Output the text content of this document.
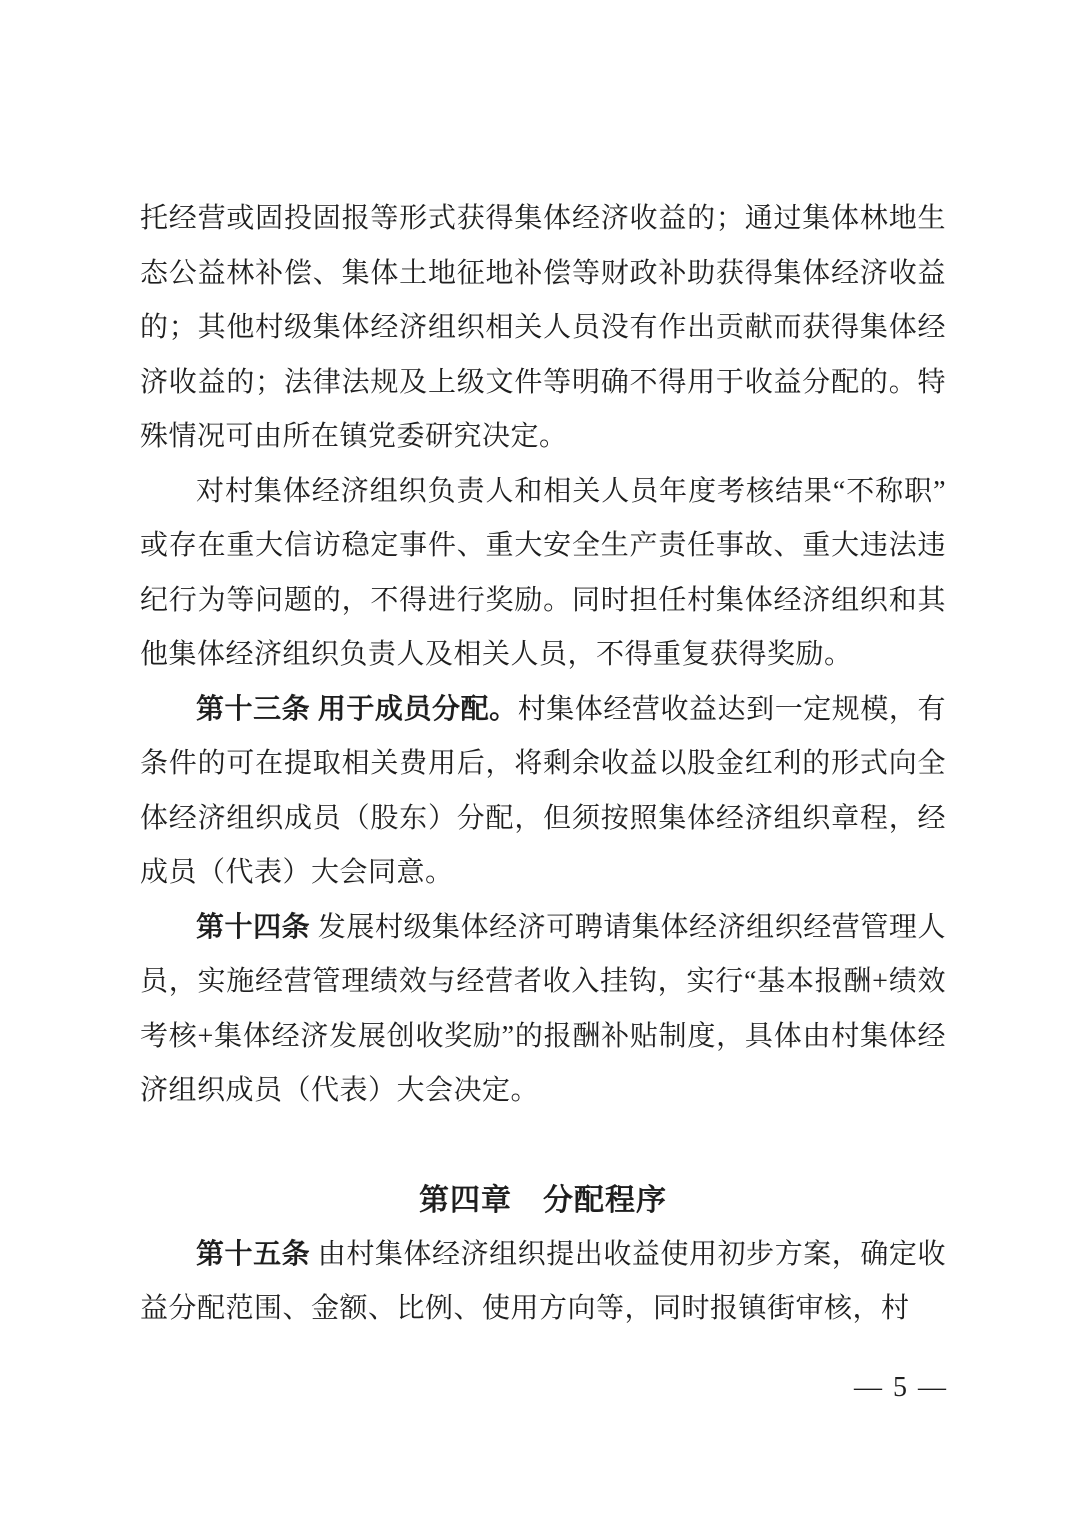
托经营或固投固报等形式获得集体经济收益的；通过集体林地生态公益林补偿、集体土地征地补偿等财政补助获得集体经济收益的；其他村级集体经济组织相关人员没有作出贡献而获得集体经济收益的；法律法规及上级文件等明确不得用于收益分配的。特殊情况可由所在镇党委研究决定。

对村集体经济组织负责人和相关人员年度考核结果“不称职”或存在重大信访稳定事件、重大安全生产责任事故、重大违法违纪行为等问题的，不得进行奖励。同时担任村集体经济组织和其他集体经济组织负责人及相关人员，不得重复获得奖励。

第十三条 用于成员分配。村集体经营收益达到一定规模，有条件的可在提取相关费用后，将剩余收益以股金红利的形式向全体经济组织成员（股东）分配，但须按照集体经济组织章程，经成员（代表）大会同意。

第十四条 发展村级集体经济可聘请集体经济组织经营管理人员，实施经营管理绩效与经营者收入挂钩，实行“基本报酬+绩效考核+集体经济发展创收奖励”的报酬补贴制度，具体由村集体经济组织成员（代表）大会决定。

第四章　分配程序

第十五条 由村集体经济组织提出收益使用初步方案，确定收益分配范围、金额、比例、使用方向等，同时报镇街审核，村

— 5 —
